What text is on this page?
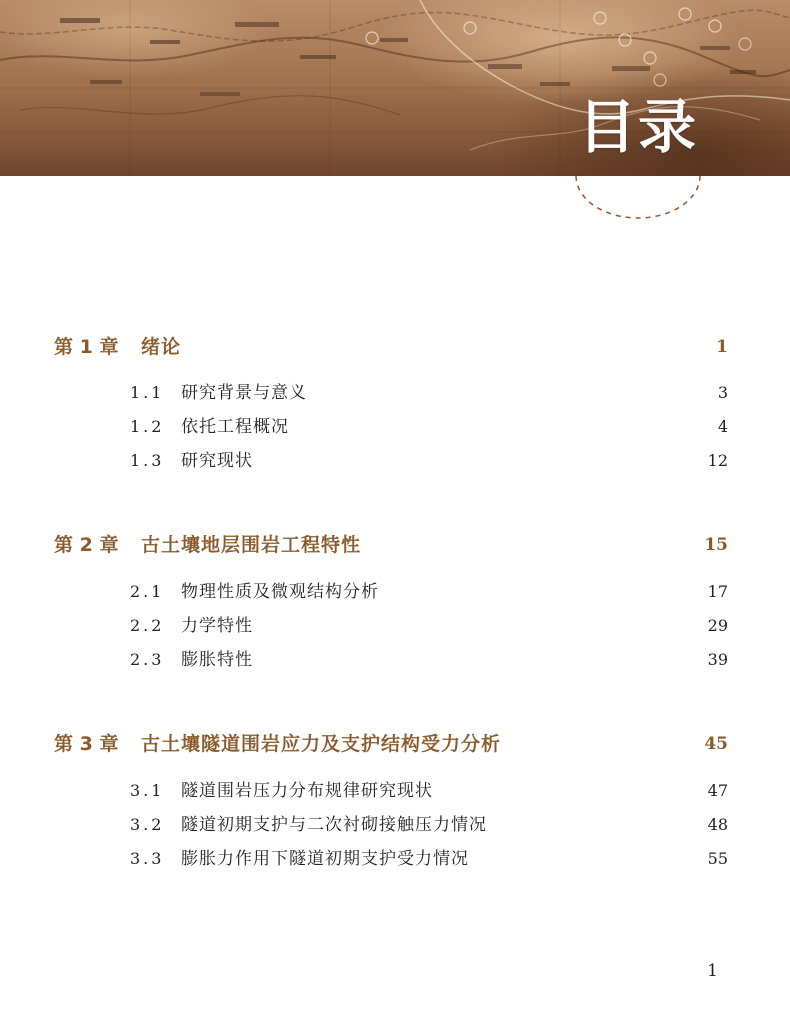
目录
第 1 章 绪论	1
1.1 研究背景与意义	3
1.2 依托工程概况	4
1.3 研究现状	12
第 2 章 古土壤地层围岩工程特性	15
2.1 物理性质及微观结构分析	17
2.2 力学特性	29
2.3 膨胀特性	39
第 3 章 古土壤隧道围岩应力及支护结构受力分析	45
3.1 隧道围岩压力分布规律研究现状	47
3.2 隧道初期支护与二次衬砌接触压力情况	48
3.3 膨胀力作用下隧道初期支护受力情况	55

1
